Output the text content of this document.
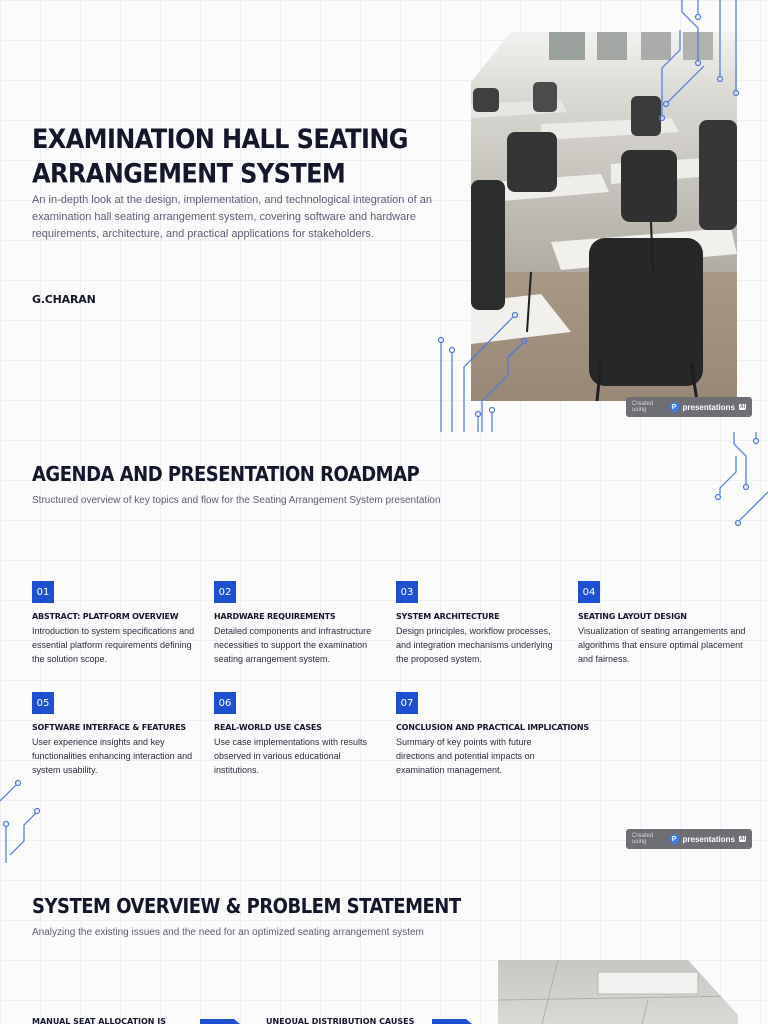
EXAMINATION HALL SEATING ARRANGEMENT SYSTEM

An in-depth look at the design, implementation, and technological integration of an examination hall seating arrangement system, covering software and hardware requirements, architecture, and practical applications for stakeholders.

G.CHARAN

Created using	P presentations AI
AGENDA AND PRESENTATION ROADMAP

Structured overview of key topics and flow for the Seating Arrangement System presentation

01

ABSTRACT: PLATFORM OVERVIEW

Introduction to system specifications and essential platform requirements defining the solution scope.

02

HARDWARE REQUIREMENTS

Detailed components and infrastructure necessities to support the examination seating arrangement system.

03

SYSTEM ARCHITECTURE

Design principles, workflow processes, and integration mechanisms underlying the proposed system.

04

SEATING LAYOUT DESIGN

Visualization of seating arrangements and algorithms that ensure optimal placement and fairness.

05

SOFTWARE INTERFACE & FEATURES

User experience insights and key functionalities enhancing interaction and system usability.

06

REAL-WORLD USE CASES

Use case implementations with results observed in various educational institutions.

07

CONCLUSION AND PRACTICAL IMPLICATIONS

Summary of key points with future directions and potential impacts on examination management.

Created using	P presentations AI
SYSTEM OVERVIEW & PROBLEM STATEMENT

Analyzing the existing issues and the need for an optimized seating arrangement system

MANUAL SEAT ALLOCATION IS	UNEQUAL DISTRIBUTION CAUSES
